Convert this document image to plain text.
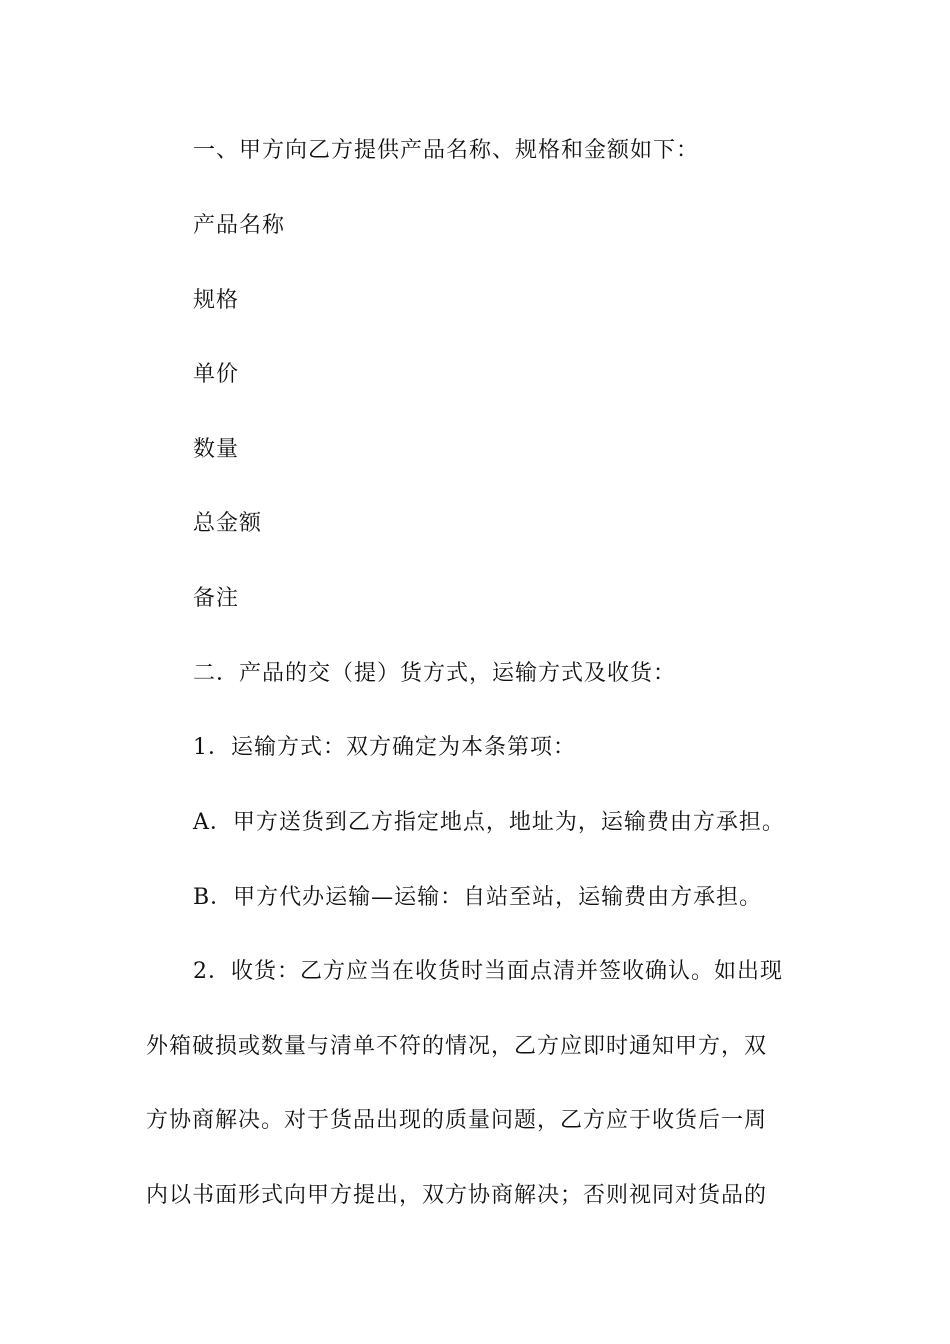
一、甲方向乙方提供产品名称、规格和金额如下：
产品名称
规格
单价
数量
总金额
备注
二．产品的交（提）货方式，运输方式及收货：
1．运输方式：双方确定为本条第项：
A．甲方送货到乙方指定地点，地址为，运输费由方承担。
B．甲方代办运输—运输：自站至站，运输费由方承担。
2．收货：乙方应当在收货时当面点清并签收确认。如出现
外箱破损或数量与清单不符的情况，乙方应即时通知甲方，双
方协商解决。对于货品出现的质量问题，乙方应于收货后一周
内以书面形式向甲方提出，双方协商解决；否则视同对货品的
